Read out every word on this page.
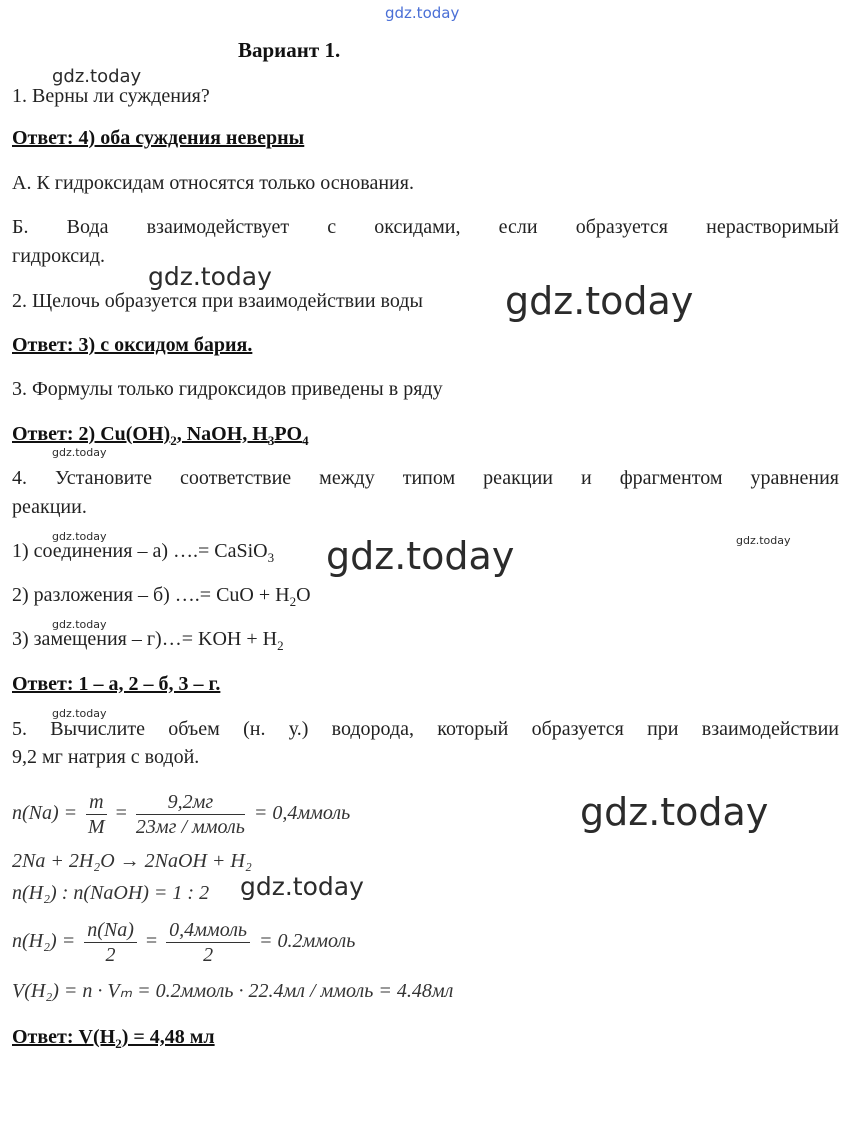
gdz.today
gdz.today
gdz.today
gdz.today
gdz.today
gdz.today	gdz.today	gdz.today
gdz.today
gdz.today
gdz.today
gdz.today
Вариант 1.
1. Верны ли суждения?
Ответ: 4) оба суждения неверны
А. К гидроксидам относятся только основания.
Б. Вода взаимодействует с оксидами, если образуется нерастворимый
гидроксид.
2. Щелочь образуется при взаимодействии воды
Ответ: 3) с оксидом бария.
3. Формулы только гидроксидов приведены в ряду
Ответ: 2) $Cu(OH)_2$, NaOH, $H_3PO_4$
4. Установите соответствие между типом реакции и фрагментом уравнения
реакции.
1) соединения – а) ….= CaSiO$_3$
2) разложения – б) ….= CuO + $H_2O$
3) замещения – г)…= KOH + $H_2$
Ответ: 1 – а, 2 – б, 3 – г.
5. Вычислите объем (н. у.) водорода, который образуется при взаимодействии
9,2 мг натрия с водой.
$n(Na) = \frac{m}{M} = \frac{9,2мг}{\text{23мг / ммоль}}$ = 0,4ммоль
2Na + 2H₂O → 2NaOH + H₂
n(H₂) : n(NaOH) = 1 : 2
$n(H_2) = \frac{n(Na)}{2} = \frac{\text{0,4ммоль}}{2}$ = 0.2ммоль
V(H₂) = n · Vₘ = 0.2ммоль · 22.4мл / ммоль = 4.48мл
Ответ: $V(H_2) = 4,48$ мл
